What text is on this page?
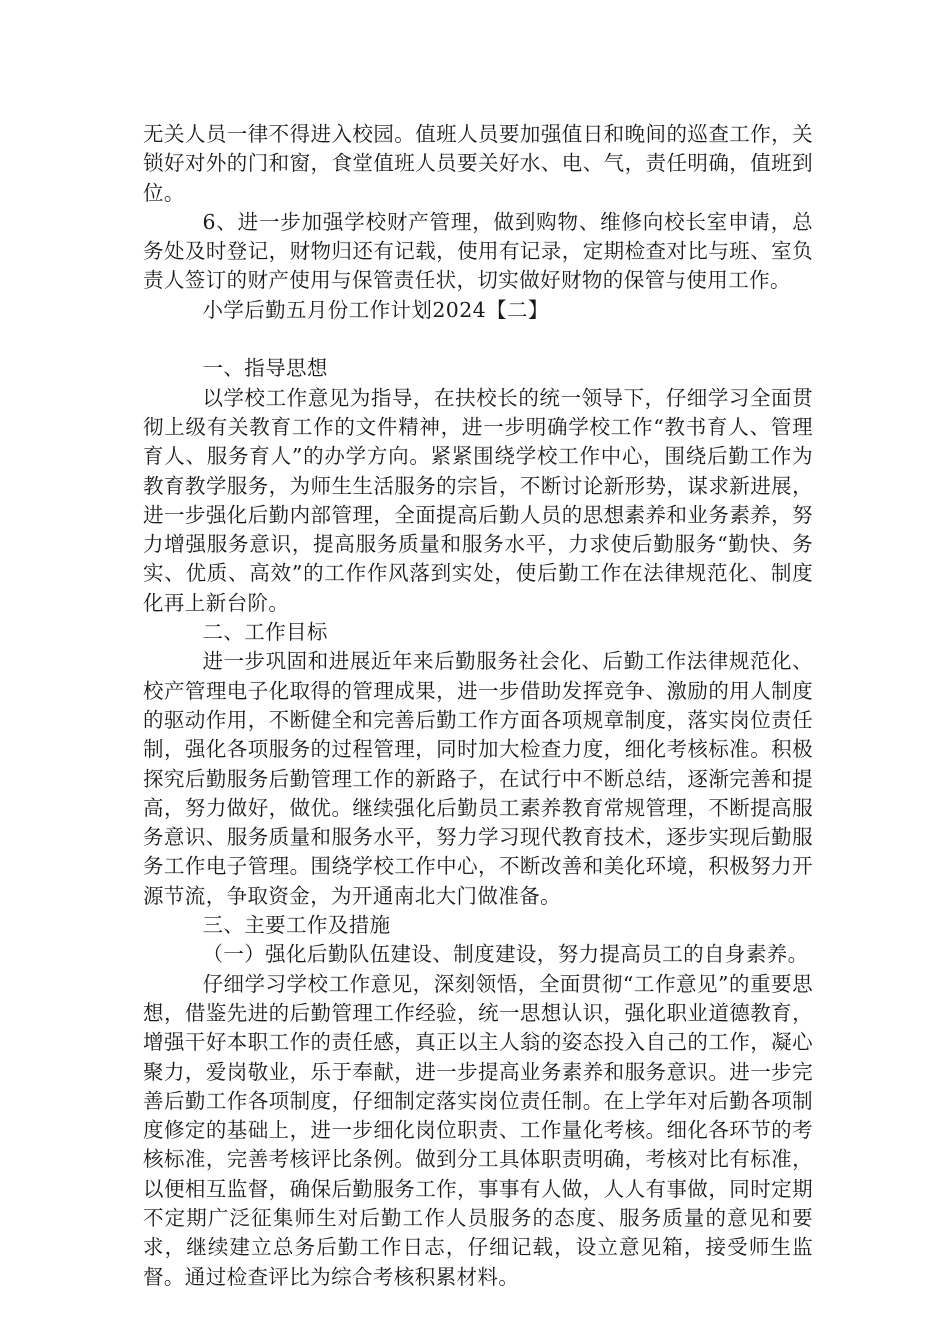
无关人员一律不得进入校园。值班人员要加强值日和晚间的巡查工作，关锁好对外的门和窗，食堂值班人员要关好水、电、气，责任明确，值班到位。

6、进一步加强学校财产管理，做到购物、维修向校长室申请，总务处及时登记，财物归还有记载，使用有记录，定期检查对比与班、室负责人签订的财产使用与保管责任状，切实做好财物的保管与使用工作。

小学后勤五月份工作计划2024【二】

一、指导思想

以学校工作意见为指导，在扶校长的统一领导下，仔细学习全面贯彻上级有关教育工作的文件精神，进一步明确学校工作“教书育人、管理育人、服务育人”的办学方向。紧紧围绕学校工作中心，围绕后勤工作为教育教学服务，为师生生活服务的宗旨，不断讨论新形势，谋求新进展，进一步强化后勤内部管理，全面提高后勤人员的思想素养和业务素养，努力增强服务意识，提高服务质量和服务水平，力求使后勤服务“勤快、务实、优质、高效”的工作作风落到实处，使后勤工作在法律规范化、制度化再上新台阶。

二、工作目标

进一步巩固和进展近年来后勤服务社会化、后勤工作法律规范化、校产管理电子化取得的管理成果，进一步借助发挥竞争、激励的用人制度的驱动作用，不断健全和完善后勤工作方面各项规章制度，落实岗位责任制，强化各项服务的过程管理，同时加大检查力度，细化考核标准。积极探究后勤服务后勤管理工作的新路子，在试行中不断总结，逐渐完善和提高，努力做好，做优。继续强化后勤员工素养教育常规管理，不断提高服务意识、服务质量和服务水平，努力学习现代教育技术，逐步实现后勤服务工作电子管理。围绕学校工作中心，不断改善和美化环境，积极努力开源节流，争取资金，为开通南北大门做准备。

三、主要工作及措施

（一）强化后勤队伍建设、制度建设，努力提高员工的自身素养。

仔细学习学校工作意见，深刻领悟，全面贯彻“工作意见”的重要思想，借鉴先进的后勤管理工作经验，统一思想认识，强化职业道德教育，增强干好本职工作的责任感，真正以主人翁的姿态投入自己的工作，凝心聚力，爱岗敬业，乐于奉献，进一步提高业务素养和服务意识。进一步完善后勤工作各项制度，仔细制定落实岗位责任制。在上学年对后勤各项制度修定的基础上，进一步细化岗位职责、工作量化考核。细化各环节的考核标准，完善考核评比条例。做到分工具体职责明确，考核对比有标准，以便相互监督，确保后勤服务工作，事事有人做，人人有事做，同时定期不定期广泛征集师生对后勤工作人员服务的态度、服务质量的意见和要求，继续建立总务后勤工作日志，仔细记载，设立意见箱，接受师生监督。通过检查评比为综合考核积累材料。
